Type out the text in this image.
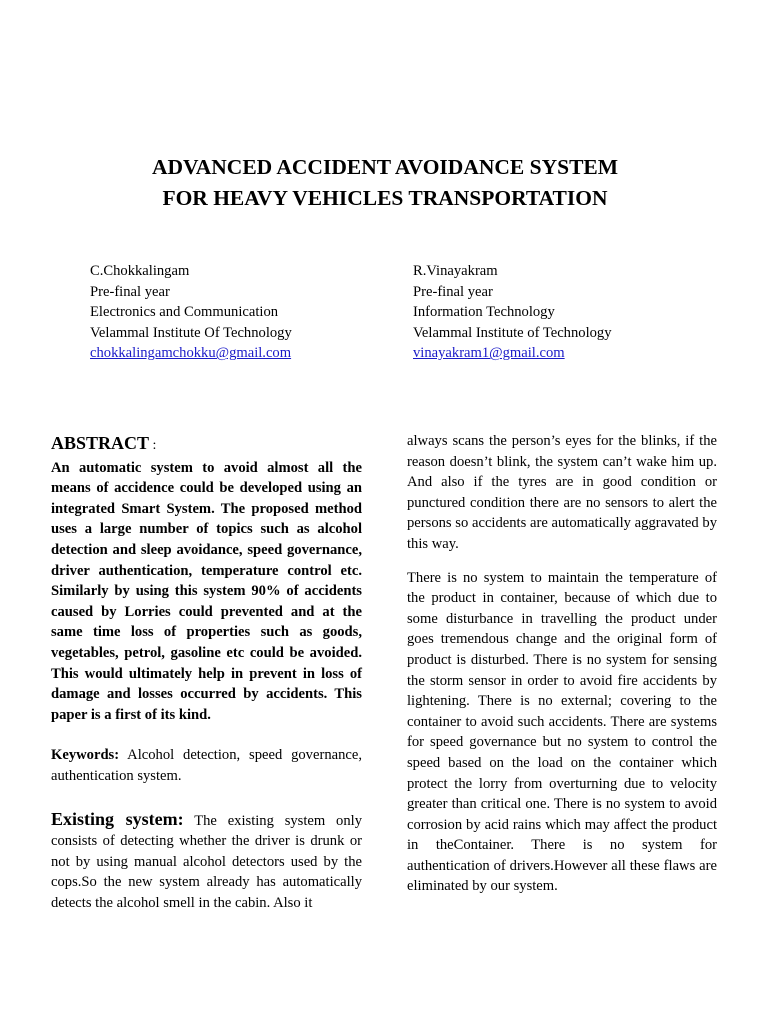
ADVANCED ACCIDENT AVOIDANCE SYSTEM
FOR HEAVY VEHICLES TRANSPORTATION
C.Chokkalingam
Pre-final year
Electronics and Communication
Velammal Institute Of Technology
chokkalingamchokku@gmail.com
R.Vinayakram
Pre-final year
Information Technology
Velammal Institute of Technology
vinayakram1@gmail.com

ABSTRACT :

An automatic system to avoid almost all the means of accidence could be developed using an integrated Smart System. The proposed method uses a large number of topics such as alcohol detection and sleep avoidance, speed governance, driver authentication, temperature control etc. Similarly by using this system 90% of accidents caused by Lorries could prevented and at the same time loss of properties such as goods, vegetables, petrol, gasoline etc could be avoided. This would ultimately help in prevent in loss of damage and losses occurred by accidents. This paper is a first of its kind.

Keywords: Alcohol detection, speed governance, authentication system.

Existing system: The existing system only consists of detecting whether the driver is drunk or not by using manual alcohol detectors used by the cops.So the new system already has automatically detects the alcohol smell in the cabin. Also it

always scans the person’s eyes for the blinks, if the reason doesn’t blink, the system can’t wake him up. And also if the tyres are in good condition or punctured condition there are no sensors to alert the persons so accidents are automatically aggravated by this way.

There is no system to maintain the temperature of the product in container, because of which due to some disturbance in travelling the product under goes tremendous change and the original form of product is disturbed. There is no system for sensing the storm sensor in order to avoid fire accidents by lightening. There is no external; covering to the container to avoid such accidents. There are systems for speed governance but no system to control the speed based on the load on the container which protect the lorry from overturning due to velocity greater than critical one. There is no system to avoid corrosion by acid rains which may affect the product in theContainer. There is no system for authentication of drivers.However all these flaws are eliminated by our system.
